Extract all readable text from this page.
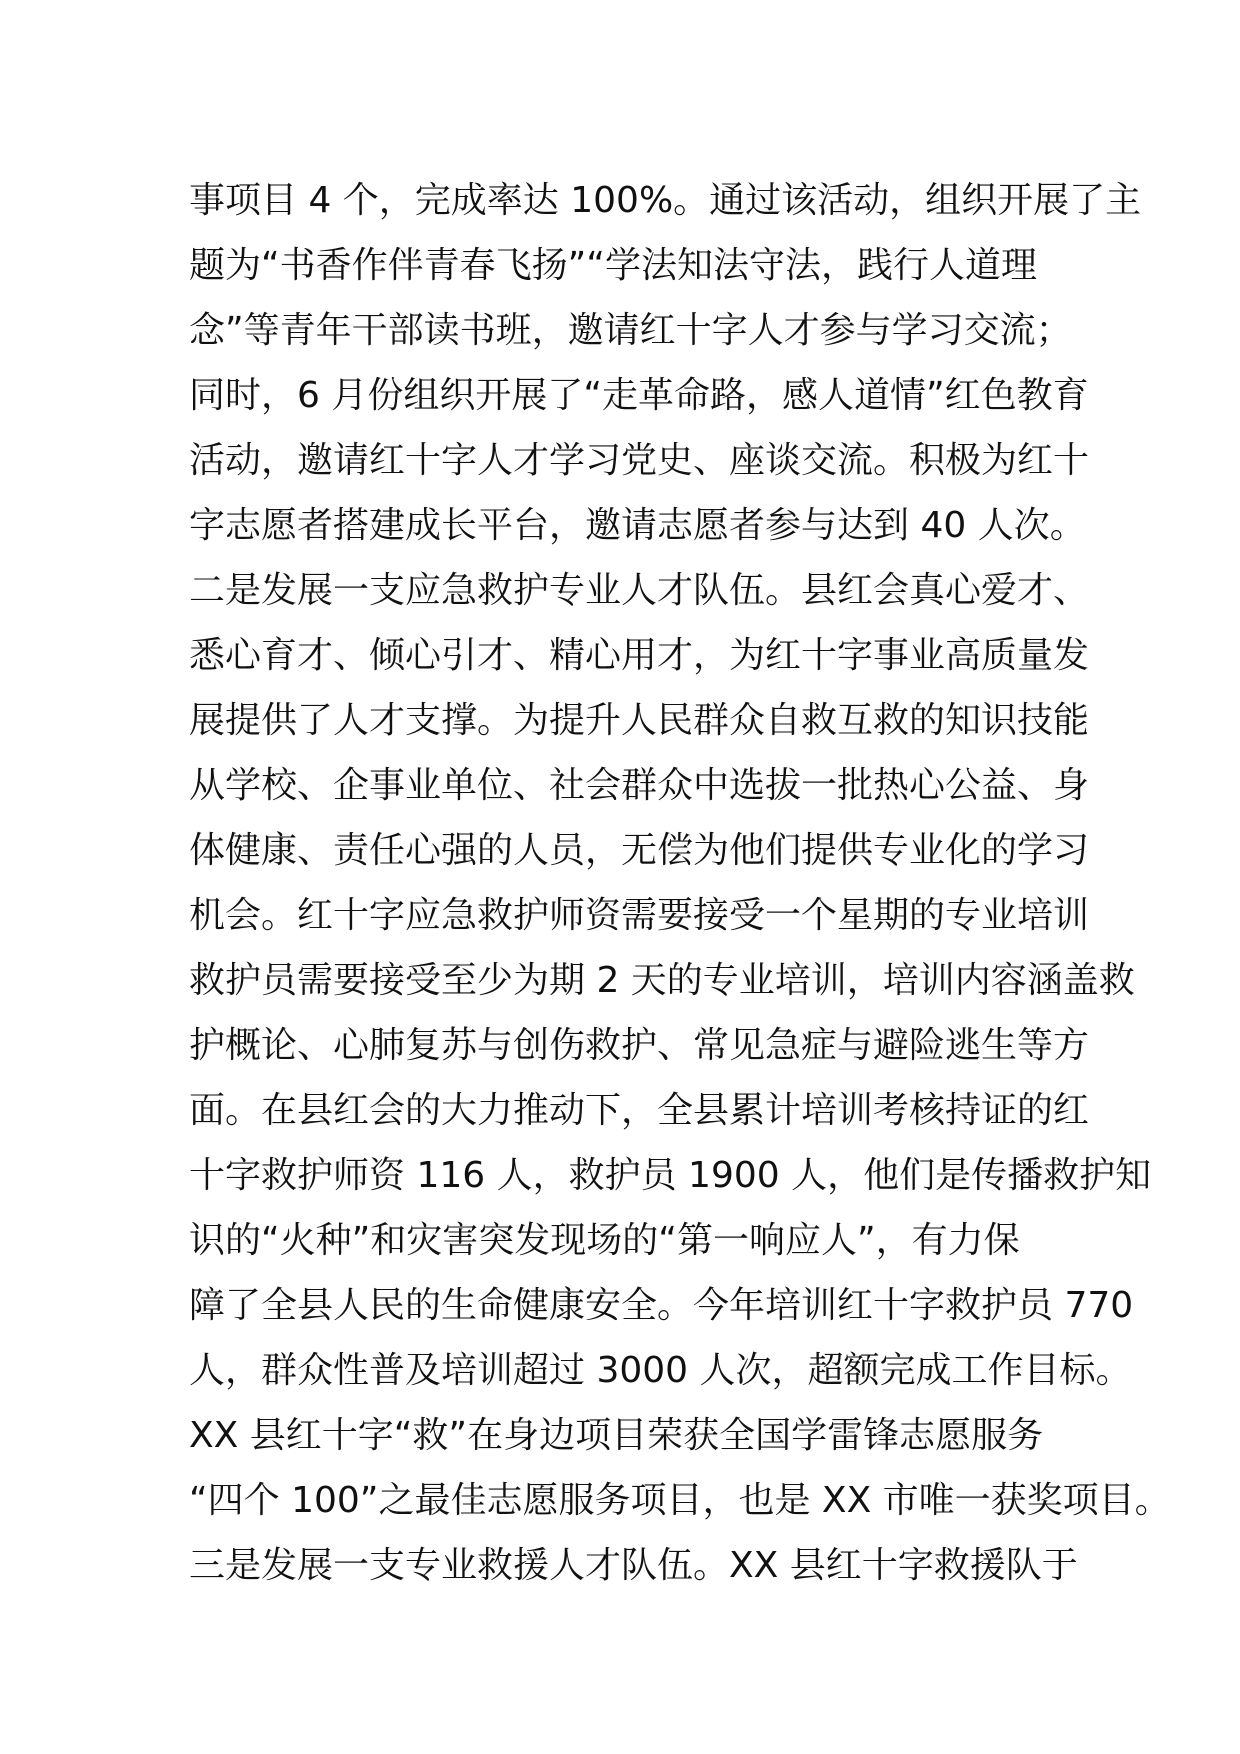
事项目 4 个，完成率达 100%。通过该活动，组织开展了主
题为“书香作伴青春飞扬”“学法知法守法，践行人道理
念”等青年干部读书班，邀请红十字人才参与学习交流；
同时，6 月份组织开展了“走革命路，感人道情”红色教育
活动，邀请红十字人才学习党史、座谈交流。积极为红十
字志愿者搭建成长平台，邀请志愿者参与达到 40 人次。
二是发展一支应急救护专业人才队伍。县红会真心爱才、
悉心育才、倾心引才、精心用才，为红十字事业高质量发
展提供了人才支撑。为提升人民群众自救互救的知识技能
从学校、企事业单位、社会群众中选拔一批热心公益、身
体健康、责任心强的人员，无偿为他们提供专业化的学习
机会。红十字应急救护师资需要接受一个星期的专业培训
救护员需要接受至少为期 2 天的专业培训，培训内容涵盖救
护概论、心肺复苏与创伤救护、常见急症与避险逃生等方
面。在县红会的大力推动下，全县累计培训考核持证的红
十字救护师资 116 人，救护员 1900 人，他们是传播救护知
识的“火种”和灾害突发现场的“第一响应人”，有力保
障了全县人民的生命健康安全。今年培训红十字救护员 770
人，群众性普及培训超过 3000 人次，超额完成工作目标。
XX 县红十字“救”在身边项目荣获全国学雷锋志愿服务
“四个 100”之最佳志愿服务项目，也是 XX 市唯一获奖项目。
三是发展一支专业救援人才队伍。XX 县红十字救援队于
